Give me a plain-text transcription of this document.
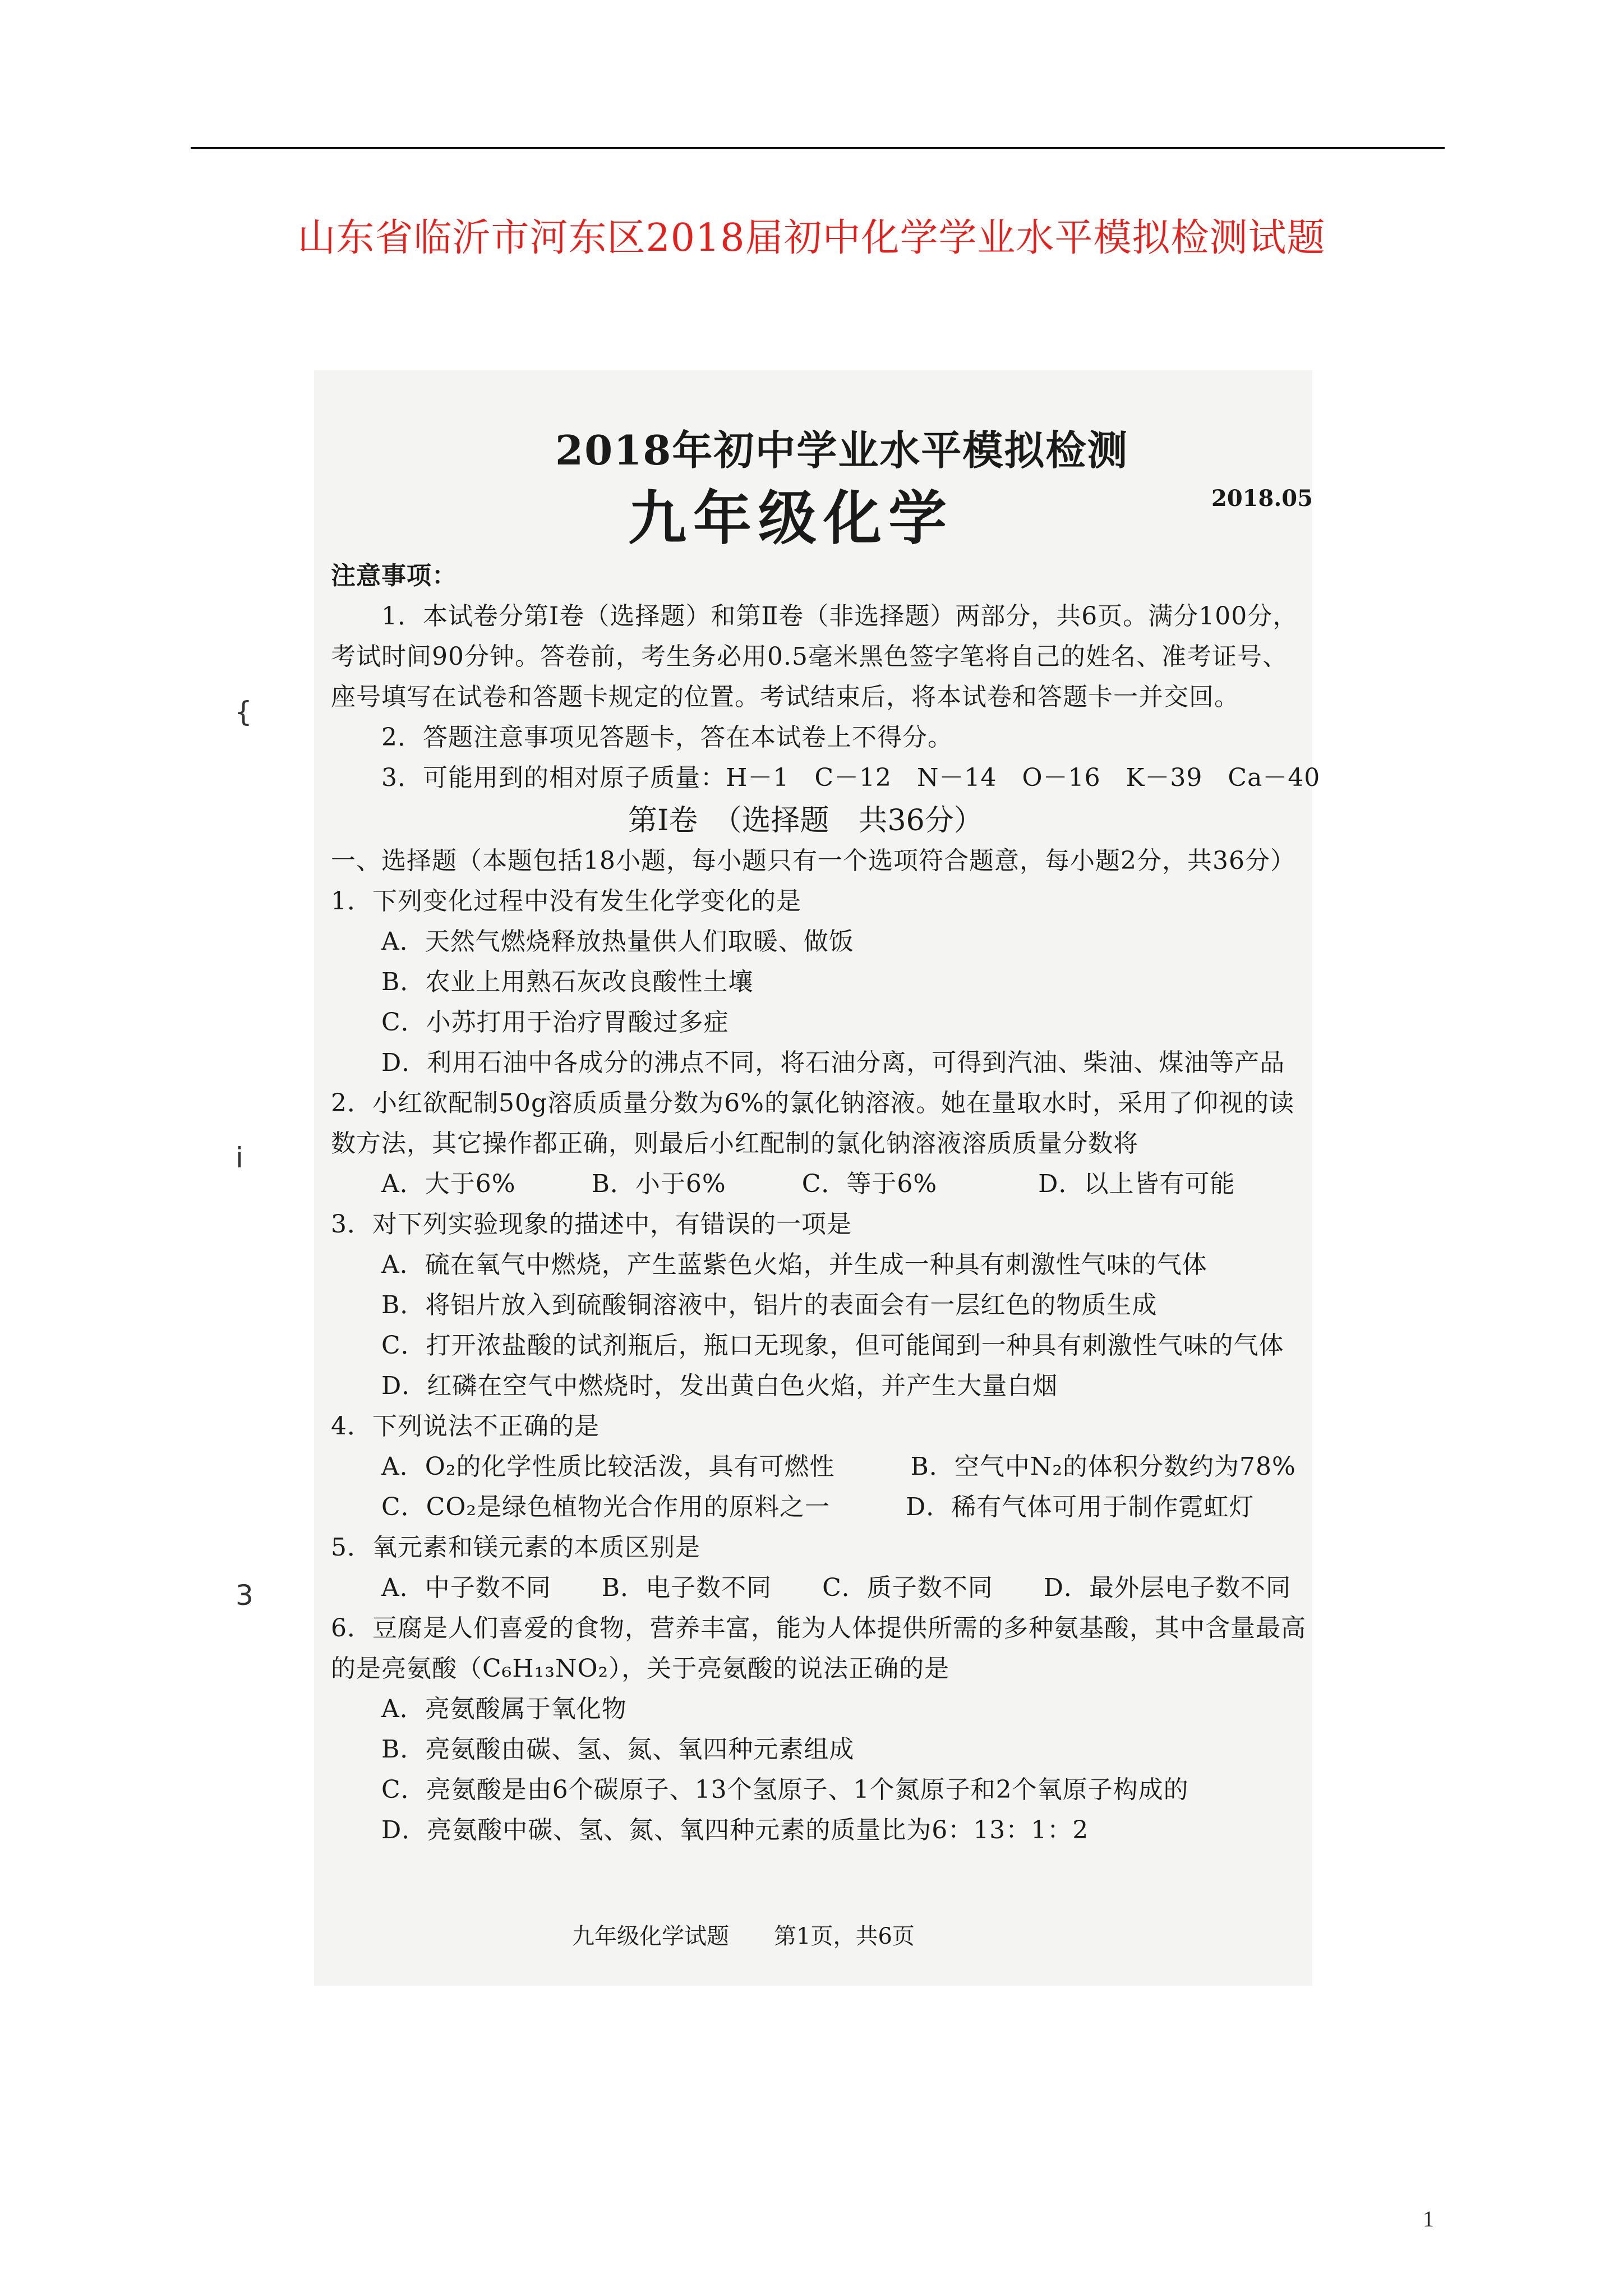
山东省临沂市河东区2018届初中化学学业水平模拟检测试题
2018年初中学业水平模拟检测
九年级化学	2018.05
注意事项：
1．本试卷分第Ⅰ卷（选择题）和第Ⅱ卷（非选择题）两部分，共6页。满分100分，
考试时间90分钟。答卷前，考生务必用0.5毫米黑色签字笔将自己的姓名、准考证号、
座号填写在试卷和答题卡规定的位置。考试结束后，将本试卷和答题卡一并交回。
2．答题注意事项见答题卡，答在本试卷上不得分。
3．可能用到的相对原子质量：H－1　C－12　N－14　O－16　K－39　Ca－40
第Ⅰ卷　（选择题　共36分）
一、选择题（本题包括18小题，每小题只有一个选项符合题意，每小题2分，共36分）
1．下列变化过程中没有发生化学变化的是
A．天然气燃烧释放热量供人们取暖、做饭
B．农业上用熟石灰改良酸性土壤
C．小苏打用于治疗胃酸过多症
D．利用石油中各成分的沸点不同，将石油分离，可得到汽油、柴油、煤油等产品
2．小红欲配制50g溶质质量分数为6%的氯化钠溶液。她在量取水时，采用了仰视的读
数方法，其它操作都正确，则最后小红配制的氯化钠溶液溶质质量分数将
A．大于6%　　　B．小于6%　　　C．等于6%　　　　D．以上皆有可能
3．对下列实验现象的描述中，有错误的一项是
A．硫在氧气中燃烧，产生蓝紫色火焰，并生成一种具有刺激性气味的气体
B．将铝片放入到硫酸铜溶液中，铝片的表面会有一层红色的物质生成
C．打开浓盐酸的试剂瓶后，瓶口无现象，但可能闻到一种具有刺激性气味的气体
D．红磷在空气中燃烧时，发出黄白色火焰，并产生大量白烟
4．下列说法不正确的是
A．O₂的化学性质比较活泼，具有可燃性　　　B．空气中N₂的体积分数约为78%
C．CO₂是绿色植物光合作用的原料之一　　　D．稀有气体可用于制作霓虹灯
5．氧元素和镁元素的本质区别是
A．中子数不同　　B．电子数不同　　C．质子数不同　　D．最外层电子数不同
6．豆腐是人们喜爱的食物，营养丰富，能为人体提供所需的多种氨基酸，其中含量最高
的是亮氨酸（C₆H₁₃NO₂），关于亮氨酸的说法正确的是
A．亮氨酸属于氧化物
B．亮氨酸由碳、氢、氮、氧四种元素组成
C．亮氨酸是由6个碳原子、13个氢原子、1个氮原子和2个氧原子构成的
D．亮氨酸中碳、氢、氮、氧四种元素的质量比为6：13：1：2
九年级化学试题　　第1页，共6页
{
i
3
1
